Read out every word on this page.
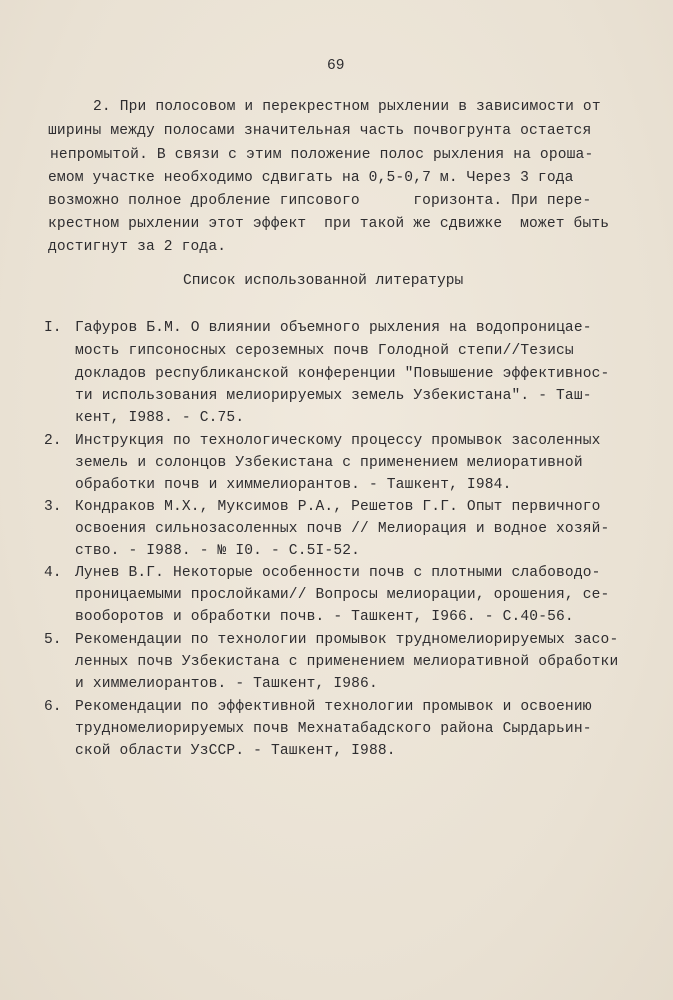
69
2. При полосовом и перекрестном рыхлении в зависимости от
ширины между полосами значительная часть почвогрунта остается
непромытой. В связи с этим положение полос рыхления на ороша-
емом участке необходимо сдвигать на 0,5-0,7 м. Через 3 года
возможно полное дробление гипсового      горизонта. При пере-
крестном рыхлении этот эффект  при такой же сдвижке  может быть
достигнут за 2 года.
Список использованной литературы
I. Гафуров Б.М. О влиянии объемного рыхления на водопроницае-
мость гипсоносных сероземных почв Голодной степи//Тезисы
докладов республиканской конференции "Повышение эффективнос-
ти использования мелиорируемых земель Узбекистана". - Таш-
кент, I988. - С.75.
2. Инструкция по технологическому процессу промывок засоленных
земель и солонцов Узбекистана с применением мелиоративной
обработки почв и химмелиорантов. - Ташкент, I984.
3. Кондраков М.Х., Муксимов Р.А., Решетов Г.Г. Опыт первичного
освоения сильнозасоленных почв // Мелиорация и водное хозяй-
ство. - I988. - № I0. - С.5I-52.
4. Лунев В.Г. Некоторые особенности почв с плотными слабоводо-
проницаемыми прослойками// Вопросы мелиорации, орошения, се-
вооборотов и обработки почв. - Ташкент, I966. - С.40-56.
5. Рекомендации по технологии промывок трудномелиорируемых засо-
ленных почв Узбекистана с применением мелиоративной обработки
и химмелиорантов. - Ташкент, I986.
6. Рекомендации по эффективной технологии промывок и освоению
трудномелиорируемых почв Мехнатабадского района Сырдарьин-
ской области УзССР. - Ташкент, I988.
